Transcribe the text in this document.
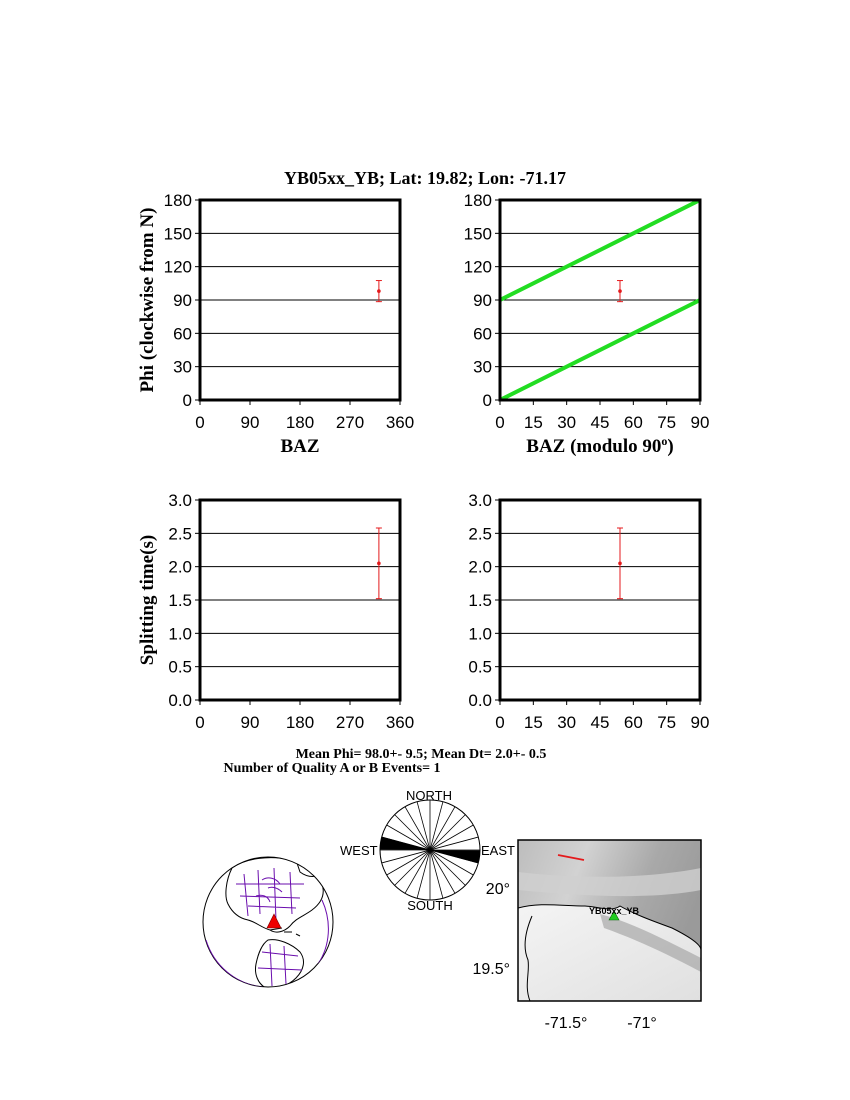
YB05xx_YB; Lat: 19.82; Lon: -71.17
0
30
60
90
120
150
180
0 90 180 270 360
BAZ
Phi (clockwise from N)
0
30
60
90
120
150
180
0 15 30 45 60 75 90
BAZ (modulo 90$^o$)
0.0
0.5
1.0
1.5
2.0
2.5
3.0
0 90 180 270 360
Splitting time(s)
0.0
0.5
1.0
1.5
2.0
2.5
3.0
0 15 30 45 60 75 90
Mean Phi= 98.0+- 9.5; Mean Dt= 2.0+- 0.5
Number of Quality A or B Events= 1
NORTH
SOUTH
WEST	EAST
YB05xx_YB
20°
19.5°
-71.5° -71°
